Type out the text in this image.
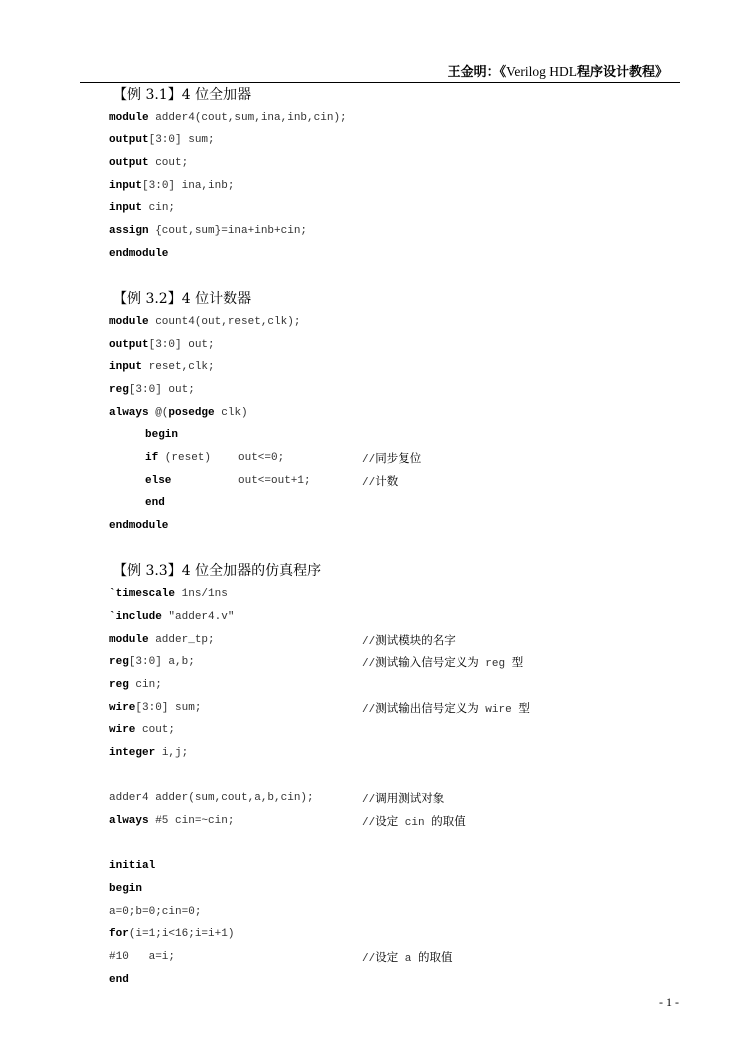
王金明：《Verilog HDL程序设计教程》
【例 3.1】4 位全加器
module adder4(cout,sum,ina,inb,cin);
output[3:0] sum;
output cout;
input[3:0] ina,inb;
input cin;
assign {cout,sum}=ina+inb+cin;
endmodule
【例 3.2】4 位计数器
module count4(out,reset,clk);
output[3:0] out;
input reset,clk;
reg[3:0] out;
always @(posedge clk)
begin
if (reset) out<=0;	//同步复位
else	out<=out+1;	//计数
end
endmodule
【例 3.3】4 位全加器的仿真程序
`timescale 1ns/1ns
`include "adder4.v"
module adder_tp;	//测试模块的名字
reg[3:0] a,b;	//测试输入信号定义为 reg 型
reg cin;
wire[3:0] sum;	//测试输出信号定义为 wire 型
wire cout;
integer i,j;
adder4 adder(sum,cout,a,b,cin);	//调用测试对象
always #5 cin=~cin;	//设定 cin 的取值
initial
begin
a=0;b=0;cin=0;
for(i=1;i<16;i=i+1)
#10   a=i;	//设定 a 的取值
end
- 1 -
